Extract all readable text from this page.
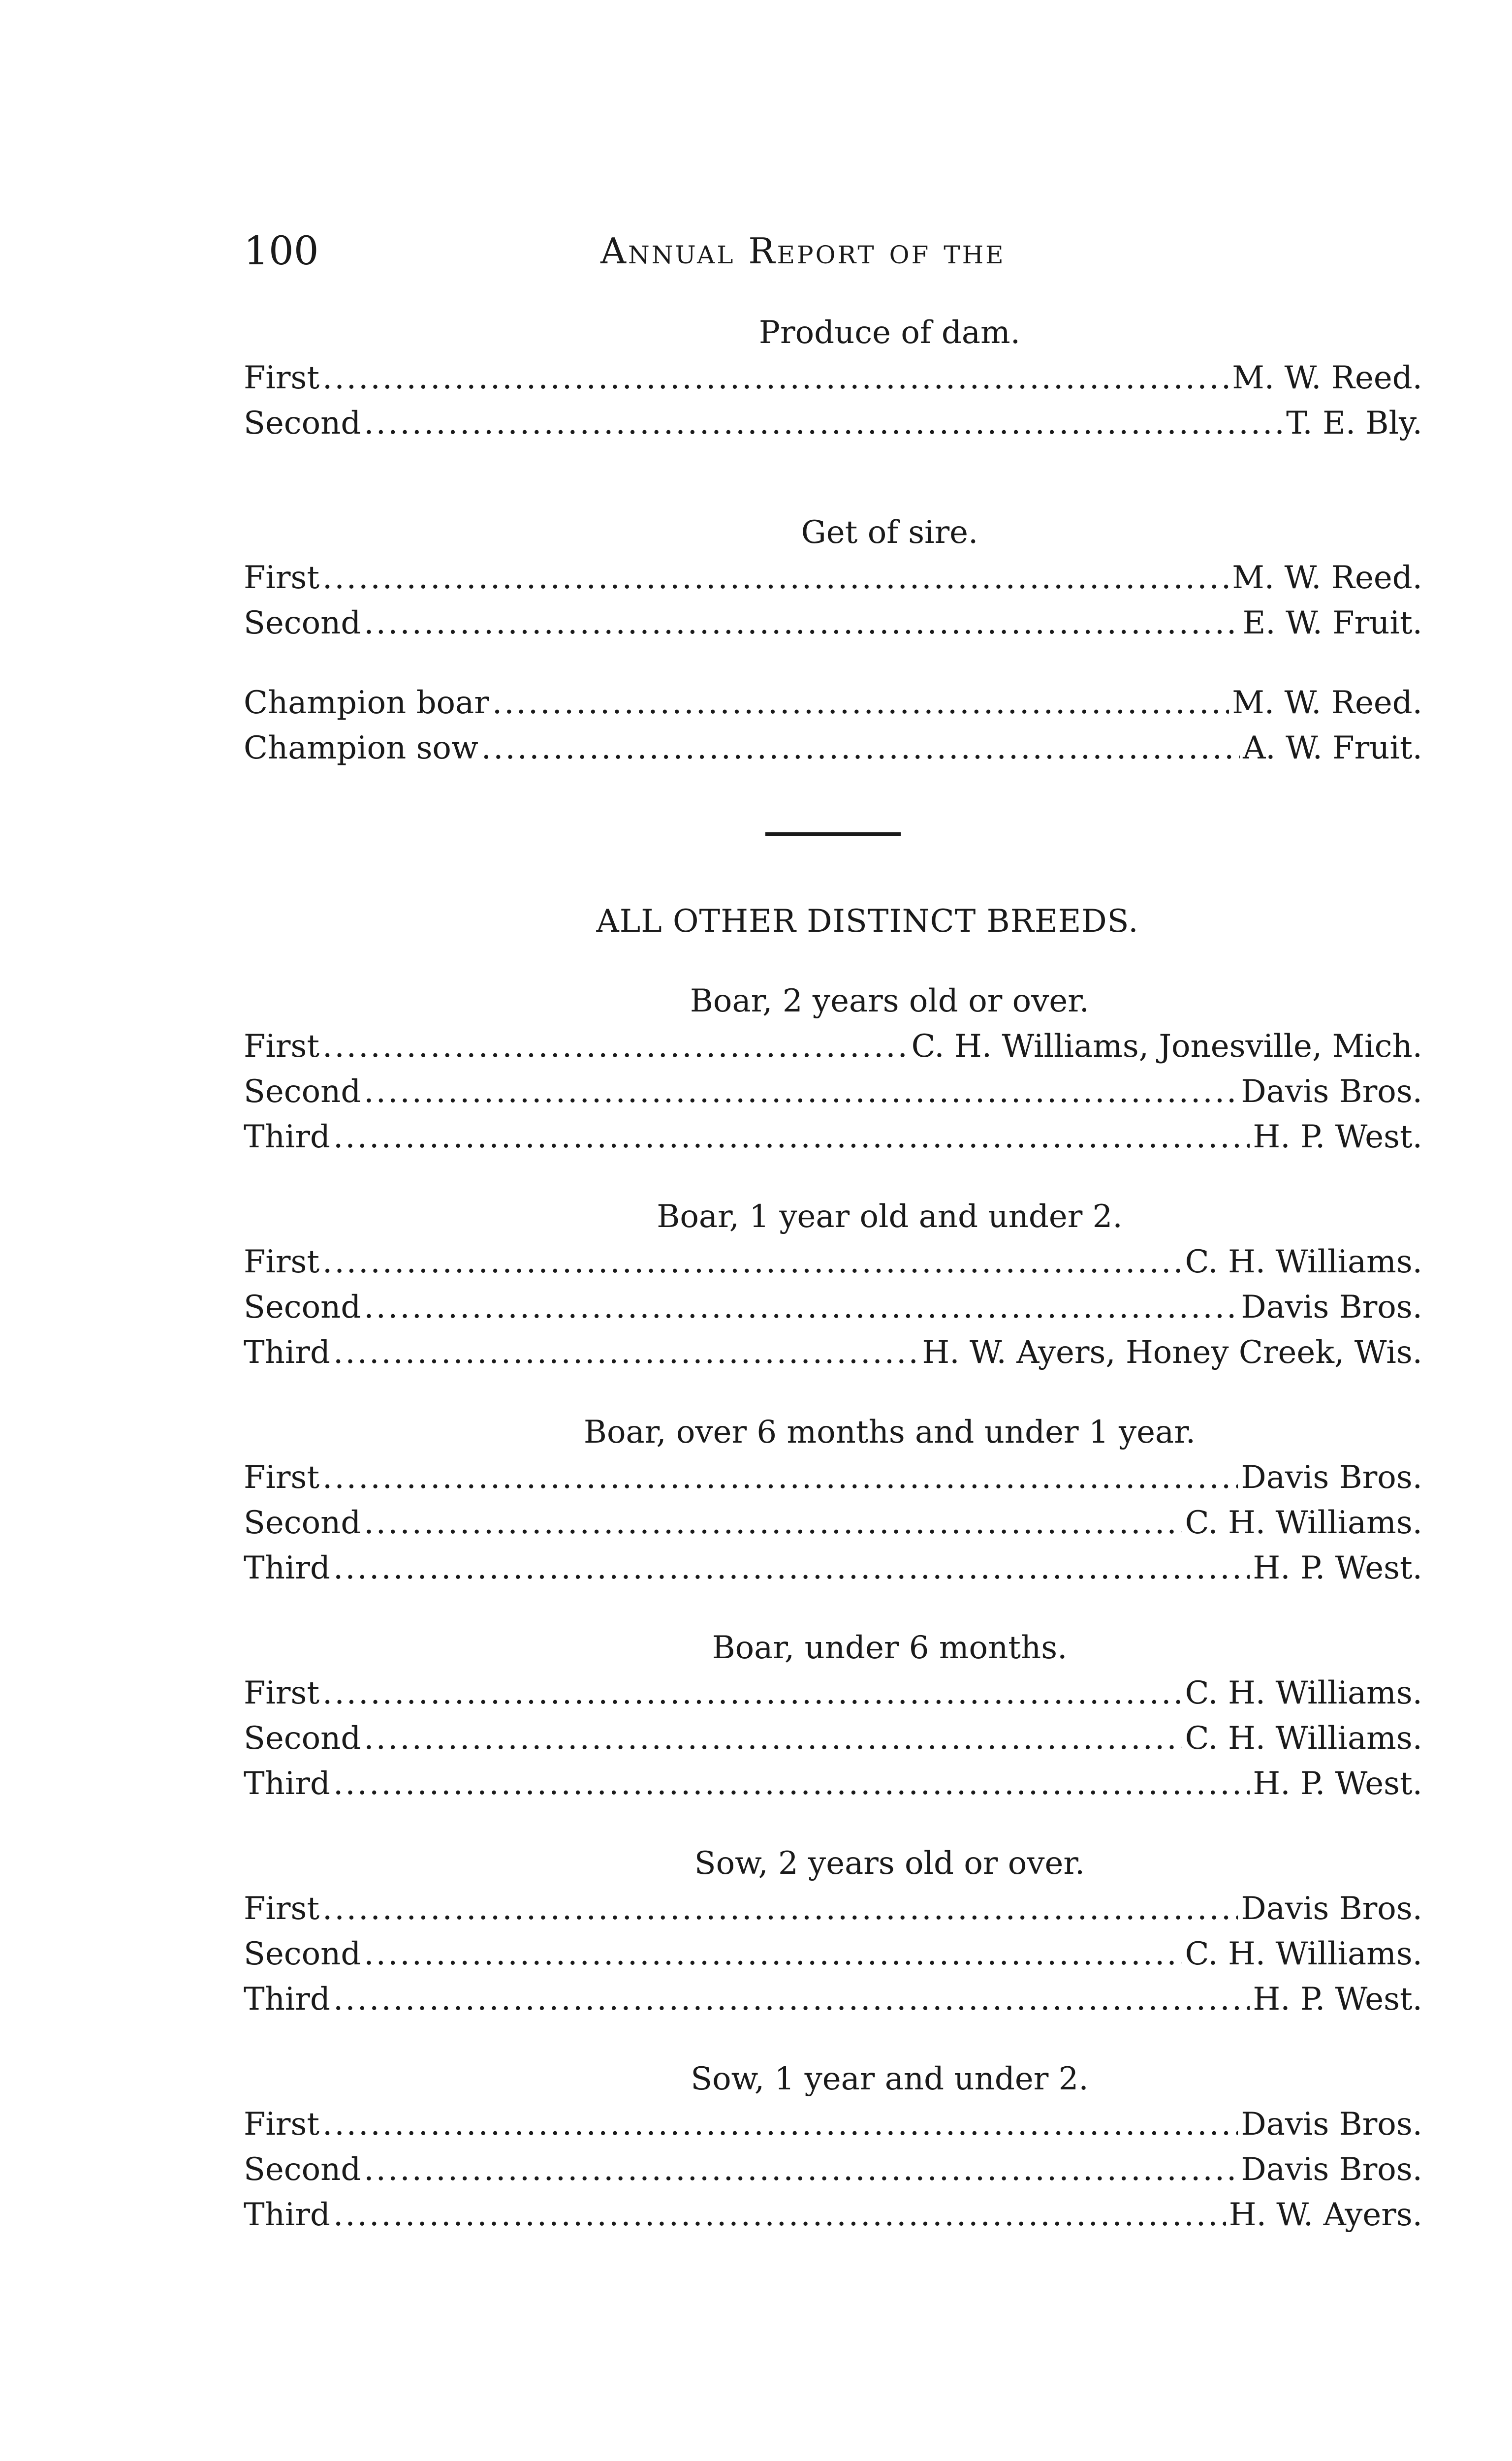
100	Annual Report of the

Produce of dam.

First .....	M. W. Reed.
Second .....	T. E. Bly.

Get of sire.

First .....	M. W. Reed.
Second .....	E. W. Fruit.
Champion boar .....	M. W. Reed.
Champion sow .....	A. W. Fruit.

ALL OTHER DISTINCT BREEDS.

Boar, 2 years old or over.

First .....	C. H. Williams, Jonesville, Mich.
Second .....	Davis Bros.
Third .....	H. P. West.

Boar, 1 year old and under 2.

First .....	C. H. Williams.
Second .....	Davis Bros.
Third .....	H. W. Ayers, Honey Creek, Wis.

Boar, over 6 months and under 1 year.

First .....	Davis Bros.
Second .....	C. H. Williams.
Third .....	H. P. West.

Boar, under 6 months.

First .....	C. H. Williams.
Second .....	C. H. Williams.
Third .....	H. P. West.

Sow, 2 years old or over.

First .....	Davis Bros.
Second .....	C. H. Williams.
Third .....	H. P. West.

Sow, 1 year and under 2.

First .....	Davis Bros.
Second .....	Davis Bros.
Third .....	H. W. Ayers.
